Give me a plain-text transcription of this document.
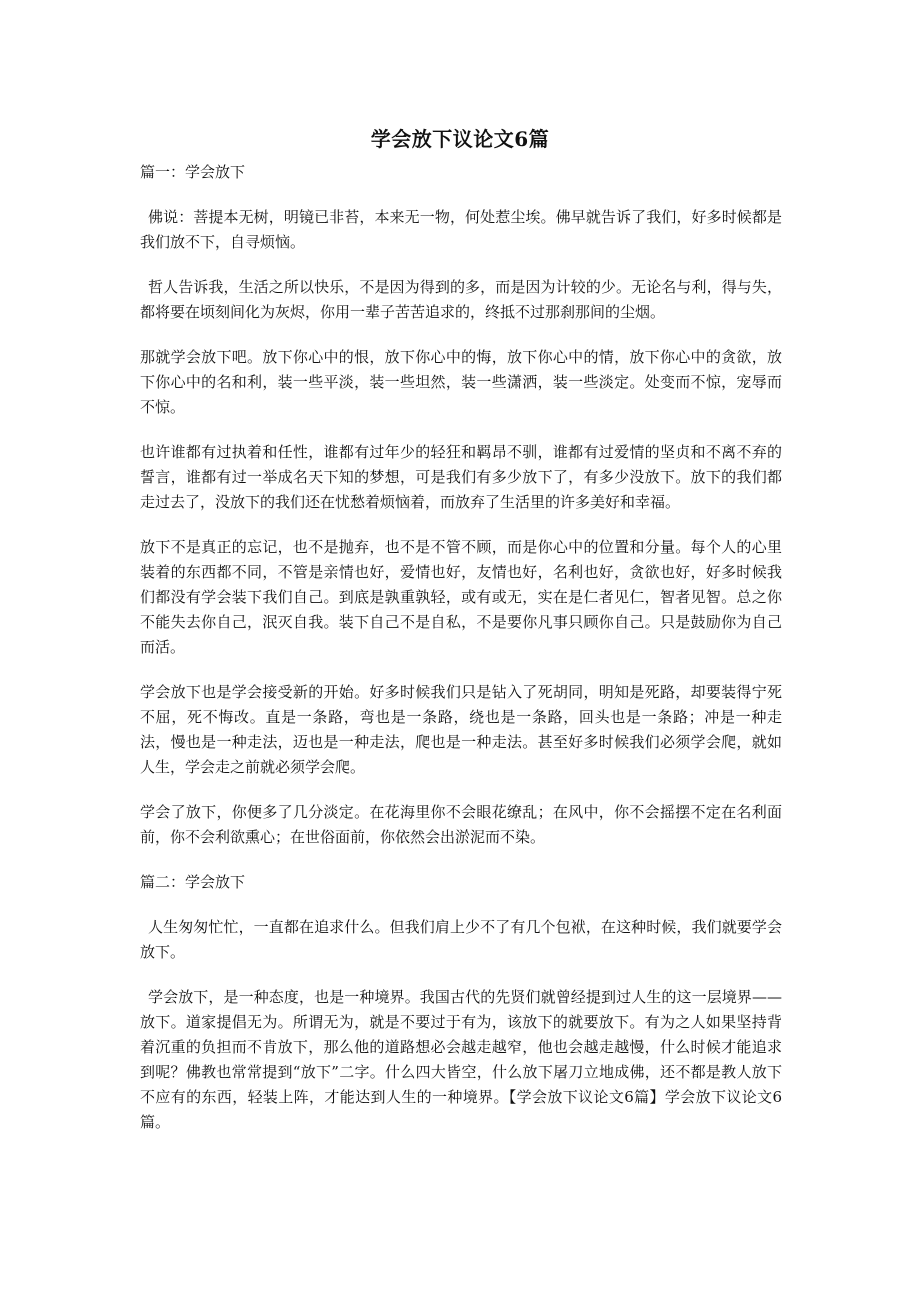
学会放下议论文6篇

篇一：学会放下

佛说：菩提本无树，明镜已非苔，本来无一物，何处惹尘埃。佛早就告诉了我们，好多时候都是我们放不下，自寻烦恼。

哲人告诉我，生活之所以快乐，不是因为得到的多，而是因为计较的少。无论名与利，得与失，都将要在顷刻间化为灰烬，你用一辈子苦苦追求的，终抵不过那刹那间的尘烟。

那就学会放下吧。放下你心中的恨，放下你心中的悔，放下你心中的情，放下你心中的贪欲，放下你心中的名和利，装一些平淡，装一些坦然，装一些潇洒，装一些淡定。处变而不惊，宠辱而不惊。

也许谁都有过执着和任性，谁都有过年少的轻狂和羁昂不驯，谁都有过爱情的坚贞和不离不弃的誓言，谁都有过一举成名天下知的梦想，可是我们有多少放下了，有多少没放下。放下的我们都走过去了，没放下的我们还在忧愁着烦恼着，而放弃了生活里的许多美好和幸福。

放下不是真正的忘记，也不是抛弃，也不是不管不顾，而是你心中的位置和分量。每个人的心里装着的东西都不同，不管是亲情也好，爱情也好，友情也好，名利也好，贪欲也好，好多时候我们都没有学会装下我们自己。到底是孰重孰轻，或有或无，实在是仁者见仁，智者见智。总之你不能失去你自己，泯灭自我。装下自己不是自私，不是要你凡事只顾你自己。只是鼓励你为自己而活。

学会放下也是学会接受新的开始。好多时候我们只是钻入了死胡同，明知是死路，却要装得宁死不屈，死不悔改。直是一条路，弯也是一条路，绕也是一条路，回头也是一条路；冲是一种走法，慢也是一种走法，迈也是一种走法，爬也是一种走法。甚至好多时候我们必须学会爬，就如人生，学会走之前就必须学会爬。

学会了放下，你便多了几分淡定。在花海里你不会眼花缭乱；在风中，你不会摇摆不定在名利面前，你不会利欲熏心；在世俗面前，你依然会出淤泥而不染。

篇二：学会放下

人生匆匆忙忙，一直都在追求什么。但我们肩上少不了有几个包袱，在这种时候，我们就要学会放下。

学会放下，是一种态度，也是一种境界。我国古代的先贤们就曾经提到过人生的这一层境界——放下。道家提倡无为。所谓无为，就是不要过于有为，该放下的就要放下。有为之人如果坚持背着沉重的负担而不肯放下，那么他的道路想必会越走越窄，他也会越走越慢，什么时候才能追求到呢？佛教也常常提到“放下”二字。什么四大皆空，什么放下屠刀立地成佛，还不都是教人放下不应有的东西，轻装上阵，才能达到人生的一种境界。【学会放下议论文6篇】学会放下议论文6篇。
